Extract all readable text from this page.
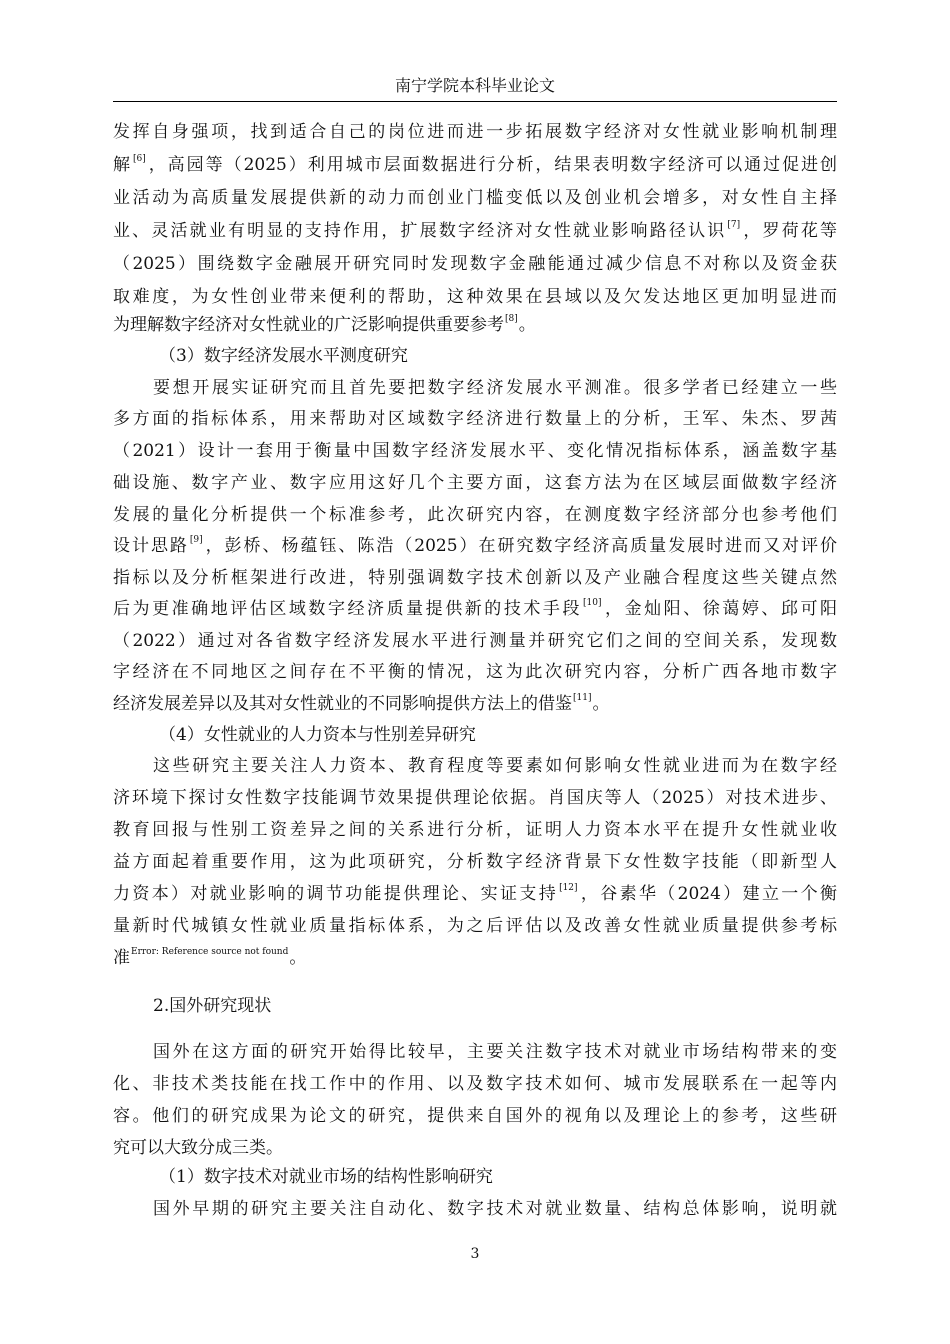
南宁学院本科毕业论文
发挥自身强项，找到适合自己的岗位进而进一步拓展数字经济对女性就业影响机制理
解[6]，高园等（2025）利用城市层面数据进行分析，结果表明数字经济可以通过促进创
业活动为高质量发展提供新的动力而创业门槛变低以及创业机会增多，对女性自主择
业、灵活就业有明显的支持作用，扩展数字经济对女性就业影响路径认识[7]，罗荷花等
（2025）围绕数字金融展开研究同时发现数字金融能通过减少信息不对称以及资金获
取难度，为女性创业带来便利的帮助，这种效果在县域以及欠发达地区更加明显进而
为理解数字经济对女性就业的广泛影响提供重要参考[8]。
（3）数字经济发展水平测度研究
要想开展实证研究而且首先要把数字经济发展水平测准。很多学者已经建立一些
多方面的指标体系，用来帮助对区域数字经济进行数量上的分析，王军、朱杰、罗茜
（2021）设计一套用于衡量中国数字经济发展水平、变化情况指标体系，涵盖数字基
础设施、数字产业、数字应用这好几个主要方面，这套方法为在区域层面做数字经济
发展的量化分析提供一个标准参考，此次研究内容，在测度数字经济部分也参考他们
设计思路[9]，彭桥、杨蕴钰、陈浩（2025）在研究数字经济高质量发展时进而又对评价
指标以及分析框架进行改进，特别强调数字技术创新以及产业融合程度这些关键点然
后为更准确地评估区域数字经济质量提供新的技术手段[10]，金灿阳、徐蔼婷、邱可阳
（2022）通过对各省数字经济发展水平进行测量并研究它们之间的空间关系，发现数
字经济在不同地区之间存在不平衡的情况，这为此次研究内容，分析广西各地市数字
经济发展差异以及其对女性就业的不同影响提供方法上的借鉴[11]。
（4）女性就业的人力资本与性别差异研究
这些研究主要关注人力资本、教育程度等要素如何影响女性就业进而为在数字经
济环境下探讨女性数字技能调节效果提供理论依据。肖国庆等人（2025）对技术进步、
教育回报与性别工资差异之间的关系进行分析，证明人力资本水平在提升女性就业收
益方面起着重要作用，这为此项研究，分析数字经济背景下女性数字技能（即新型人
力资本）对就业影响的调节功能提供理论、实证支持[12]，谷素华（2024）建立一个衡
量新时代城镇女性就业质量指标体系，为之后评估以及改善女性就业质量提供参考标
准$^{Error: Reference source not found}$。
2.国外研究现状
国外在这方面的研究开始得比较早，主要关注数字技术对就业市场结构带来的变
化、非技术类技能在找工作中的作用、以及数字技术如何、城市发展联系在一起等内
容。他们的研究成果为论文的研究，提供来自国外的视角以及理论上的参考，这些研
究可以大致分成三类。
（1）数字技术对就业市场的结构性影响研究
国外早期的研究主要关注自动化、数字技术对就业数量、结构总体影响，说明就
3
